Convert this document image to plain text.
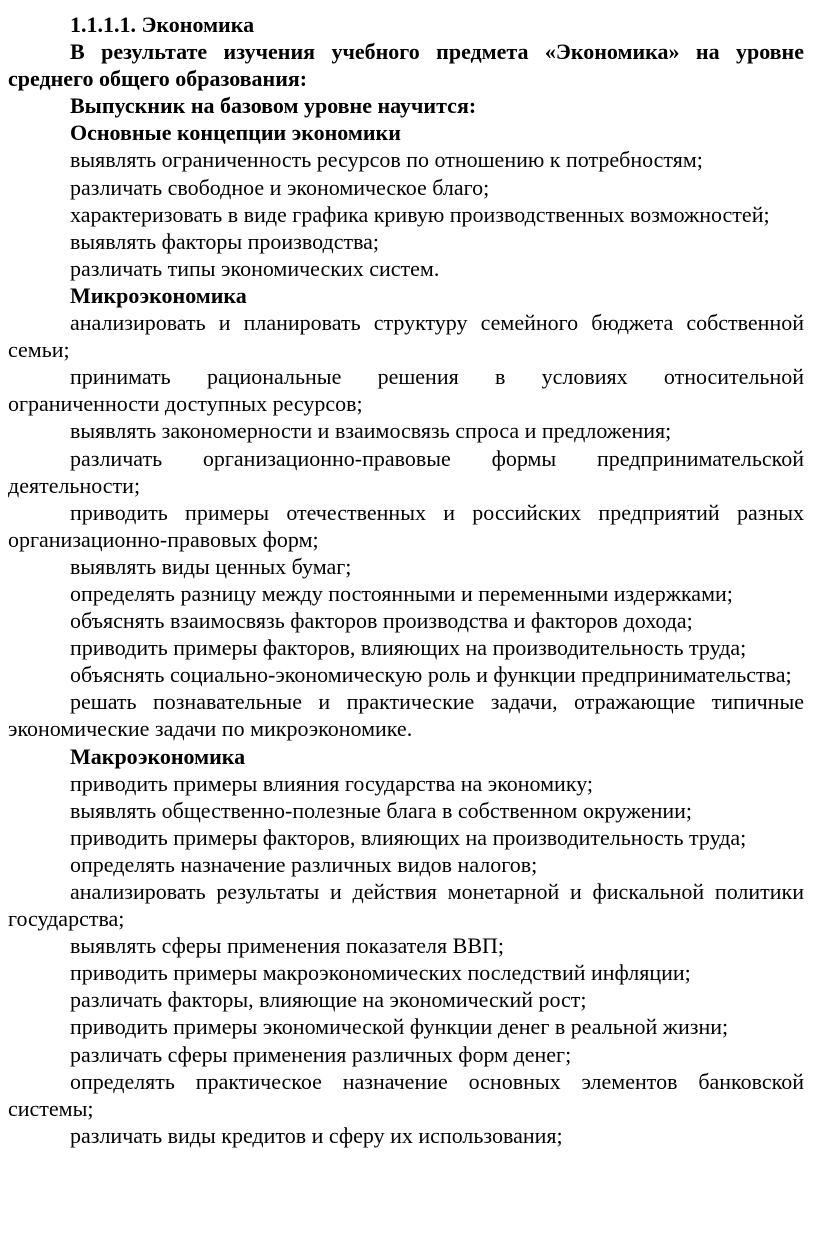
1.1.1.1. Экономика

В результате изучения учебного предмета «Экономика» на уровне среднего общего образования:

Выпускник на базовом уровне научится:

Основные концепции экономики

выявлять ограниченность ресурсов по отношению к потребностям;

различать свободное и экономическое благо;

характеризовать в виде графика кривую производственных возможностей;

выявлять факторы производства;

различать типы экономических систем.

Микроэкономика

анализировать и планировать структуру семейного бюджета собственной семьи;

принимать рациональные решения в условиях относительной ограниченности доступных ресурсов;

выявлять закономерности и взаимосвязь спроса и предложения;

различать организационно-правовые формы предпринимательской деятельности;

приводить примеры отечественных и российских предприятий разных организационно-правовых форм;

выявлять виды ценных бумаг;

определять разницу между постоянными и переменными издержками;

объяснять взаимосвязь факторов производства и факторов дохода;

приводить примеры факторов, влияющих на производительность труда;

объяснять социально-экономическую роль и функции предпринимательства;

решать познавательные и практические задачи, отражающие типичные экономические задачи по микроэкономике.

Макроэкономика

приводить примеры влияния государства на экономику;

выявлять общественно-полезные блага в собственном окружении;

приводить примеры факторов, влияющих на производительность труда;

определять назначение различных видов налогов;

анализировать результаты и действия монетарной и фискальной политики государства;

выявлять сферы применения показателя ВВП;

приводить примеры макроэкономических последствий инфляции;

различать факторы, влияющие на экономический рост;

приводить примеры экономической функции денег в реальной жизни;

различать сферы применения различных форм денег;

определять практическое назначение основных элементов банковской системы;

различать виды кредитов и сферу их использования;
